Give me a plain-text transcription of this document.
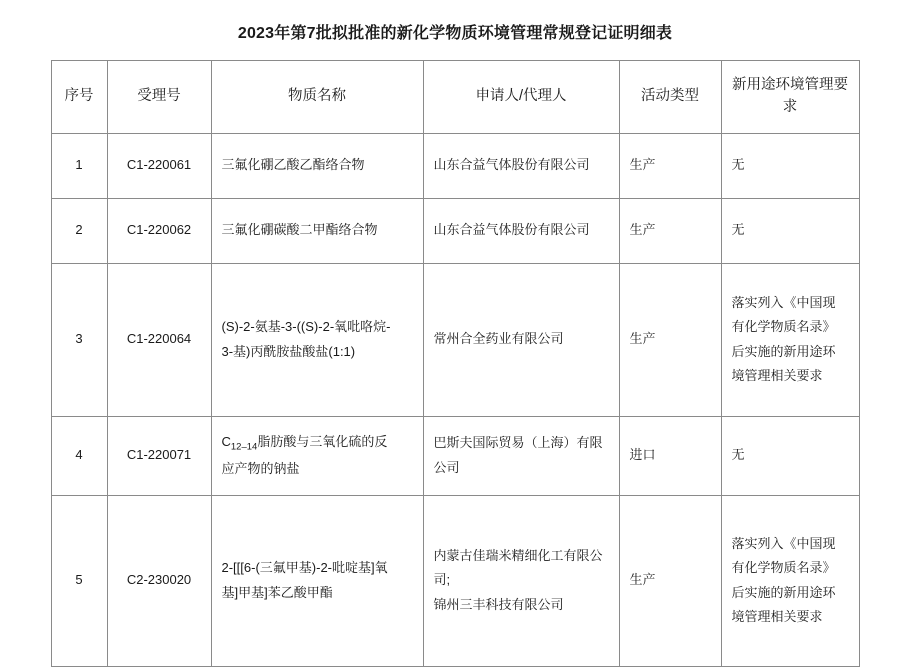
2023年第7批拟批准的新化学物质环境管理常规登记证明细表
序号	受理号	物质名称	申请人/代理人	活动类型	新用途环境管理要求
1	C1-220061	三氟化硼乙酸乙酯络合物	山东合益气体股份有限公司	生产	无

2	C1-220062	三氟化硼碳酸二甲酯络合物	山东合益气体股份有限公司	生产	无

3	C1-220064	(S)-2-氨基-3-((S)-2-氧吡咯烷-
3-基)丙酰胺盐酸盐(1:1)	常州合全药业有限公司	生产	落实列入《中国现
有化学物质名录》
后实施的新用途环
境管理相关要求

4	C1-220071	$C_{12-14}$脂肪酸与三氧化硫的反
应产物的钠盐	巴斯夫国际贸易（上海）有限
公司	进口	无

5	C2-230020	2-[[[6-(三氟甲基)-2-吡啶基]氧
基]甲基]苯乙酸甲酯	内蒙古佳瑞米精细化工有限公
司;
锦州三丰科技有限公司	生产	落实列入《中国现
有化学物质名录》
后实施的新用途环
境管理相关要求
